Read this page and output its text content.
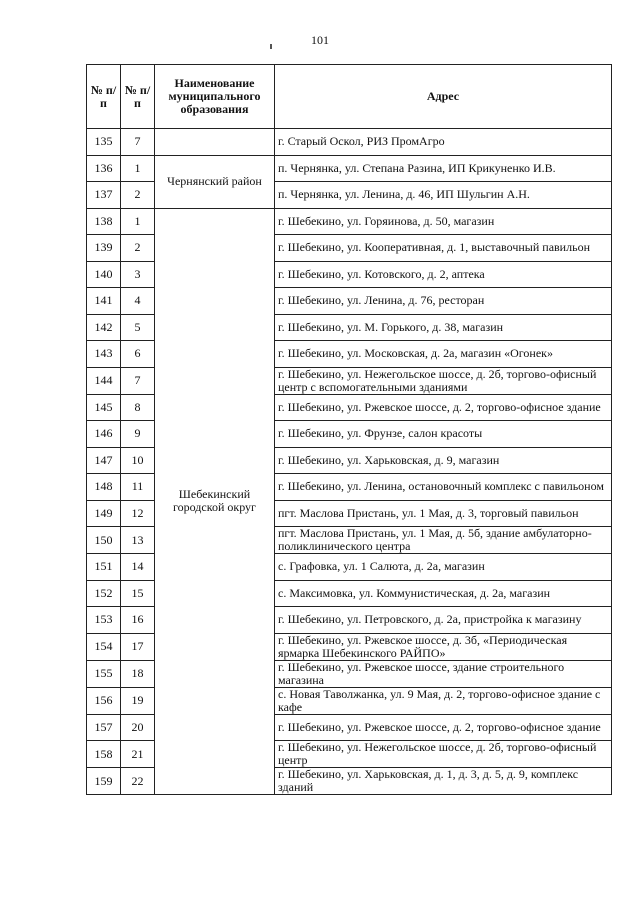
101
№ п/п	№ п/п	Наименование муниципального образования	Адрес
135	7		г. Старый Оскол, РИЗ ПромАгро
136	1	Чернянский район	п. Чернянка, ул. Степана Разина, ИП Крикуненко И.В.
137	2		п. Чернянка, ул. Ленина, д. 46, ИП Шульгин А.Н.
138	1	Шебекинский городской округ	г. Шебекино, ул. Горяинова, д. 50, магазин
139	2		г. Шебекино, ул. Кооперативная, д. 1, выставочный павильон
140	3		г. Шебекино, ул. Котовского, д. 2, аптека
141	4		г. Шебекино, ул. Ленина, д. 76, ресторан
142	5		г. Шебекино, ул. М. Горького, д. 38, магазин
143	6		г. Шебекино, ул. Московская, д. 2а, магазин «Огонек»
144	7		г. Шебекино, ул. Нежегольское шоссе, д. 2б, торгово-офисный центр с вспомогательными зданиями
145	8		г. Шебекино, ул. Ржевское шоссе, д. 2, торгово-офисное здание
146	9		г. Шебекино, ул. Фрунзе, салон красоты
147	10		г. Шебекино, ул. Харьковская, д. 9, магазин
148	11		г. Шебекино, ул. Ленина, остановочный комплекс с павильоном
149	12		пгт. Маслова Пристань, ул. 1 Мая, д. 3, торговый павильон
150	13		пгт. Маслова Пристань, ул. 1 Мая, д. 5б, здание амбулаторно-поликлинического центра
151	14		с. Графовка, ул. 1 Салюта, д. 2а, магазин
152	15		с. Максимовка, ул. Коммунистическая, д. 2а, магазин
153	16		г. Шебекино, ул. Петровского, д. 2а, пристройка к магазину
154	17		г. Шебекино, ул. Ржевское шоссе, д. 3б, «Периодическая ярмарка Шебекинского РАЙПО»
155	18		г. Шебекино, ул. Ржевское шоссе, здание строительного магазина
156	19		с. Новая Таволжанка, ул. 9 Мая, д. 2, торгово-офисное здание с кафе
157	20		г. Шебекино, ул. Ржевское шоссе, д. 2, торгово-офисное здание
158	21		г. Шебекино, ул. Нежегольское шоссе, д. 2б, торгово-офисный центр
159	22		г. Шебекино, ул. Харьковская, д. 1, д. 3, д. 5, д. 9, комплекс зданий
